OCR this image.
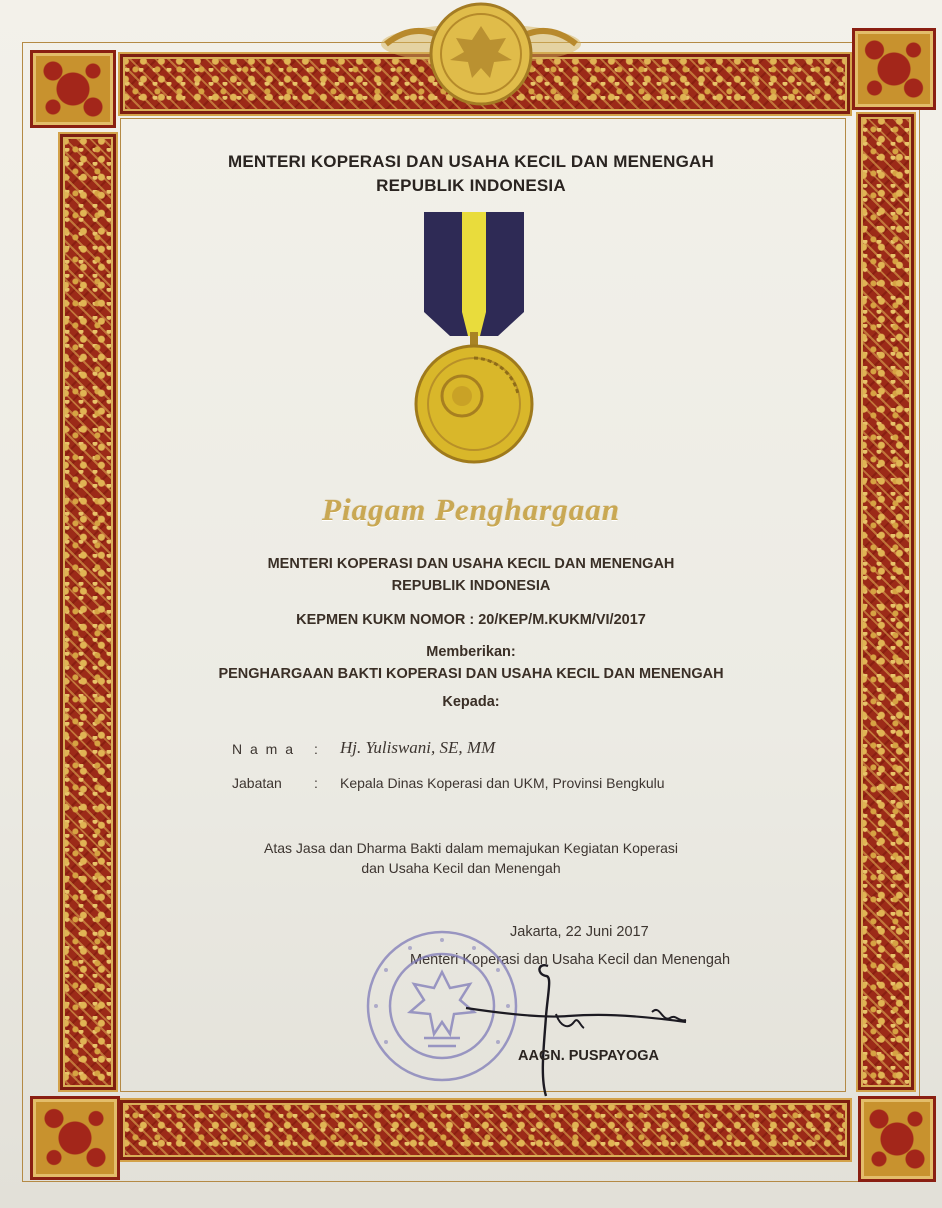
MENTERI KOPERASI DAN USAHA KECIL DAN MENENGAH
REPUBLIK INDONESIA
Piagam Penghargaan
MENTERI KOPERASI DAN USAHA KECIL DAN MENENGAH
REPUBLIK INDONESIA
KEPMEN KUKM NOMOR : 20/KEP/M.KUKM/VI/2017
Memberikan:
PENGHARGAAN BAKTI KOPERASI DAN USAHA KECIL DAN MENENGAH
Kepada:
N a m a : Hj. Yuliswani, SE, MM
Jabatan : Kepala Dinas Koperasi dan UKM, Provinsi Bengkulu
Atas Jasa dan Dharma Bakti dalam memajukan Kegiatan Koperasi
dan Usaha Kecil dan Menengah
Jakarta, 22 Juni 2017
Menteri Koperasi dan Usaha Kecil dan Menengah
AAGN. PUSPAYOGA
